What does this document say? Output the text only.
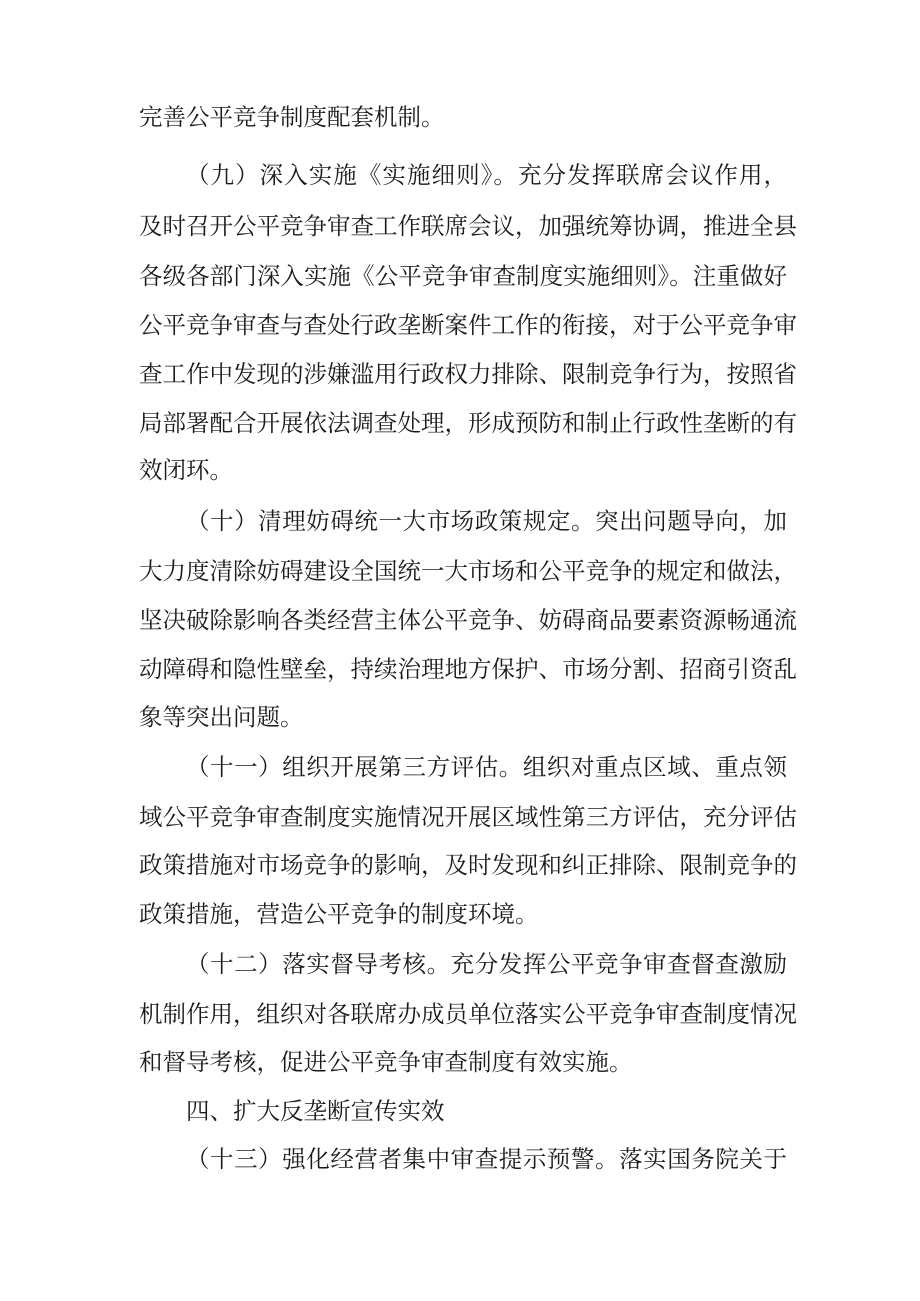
完善公平竞争制度配套机制。
（九）深入实施《实施细则》。充分发挥联席会议作用，
及时召开公平竞争审查工作联席会议，加强统筹协调，推进全县
各级各部门深入实施《公平竞争审查制度实施细则》。注重做好
公平竞争审查与查处行政垄断案件工作的衔接，对于公平竞争审
查工作中发现的涉嫌滥用行政权力排除、限制竞争行为，按照省
局部署配合开展依法调查处理，形成预防和制止行政性垄断的有
效闭环。
（十）清理妨碍统一大市场政策规定。突出问题导向，加
大力度清除妨碍建设全国统一大市场和公平竞争的规定和做法，
坚决破除影响各类经营主体公平竞争、妨碍商品要素资源畅通流
动障碍和隐性壁垒，持续治理地方保护、市场分割、招商引资乱
象等突出问题。
（十一）组织开展第三方评估。组织对重点区域、重点领
域公平竞争审查制度实施情况开展区域性第三方评估，充分评估
政策措施对市场竞争的影响，及时发现和纠正排除、限制竞争的
政策措施，营造公平竞争的制度环境。
（十二）落实督导考核。充分发挥公平竞争审查督查激励
机制作用，组织对各联席办成员单位落实公平竞争审查制度情况
和督导考核，促进公平竞争审查制度有效实施。
四、扩大反垄断宣传实效
（十三）强化经营者集中审查提示预警。落实国务院关于
